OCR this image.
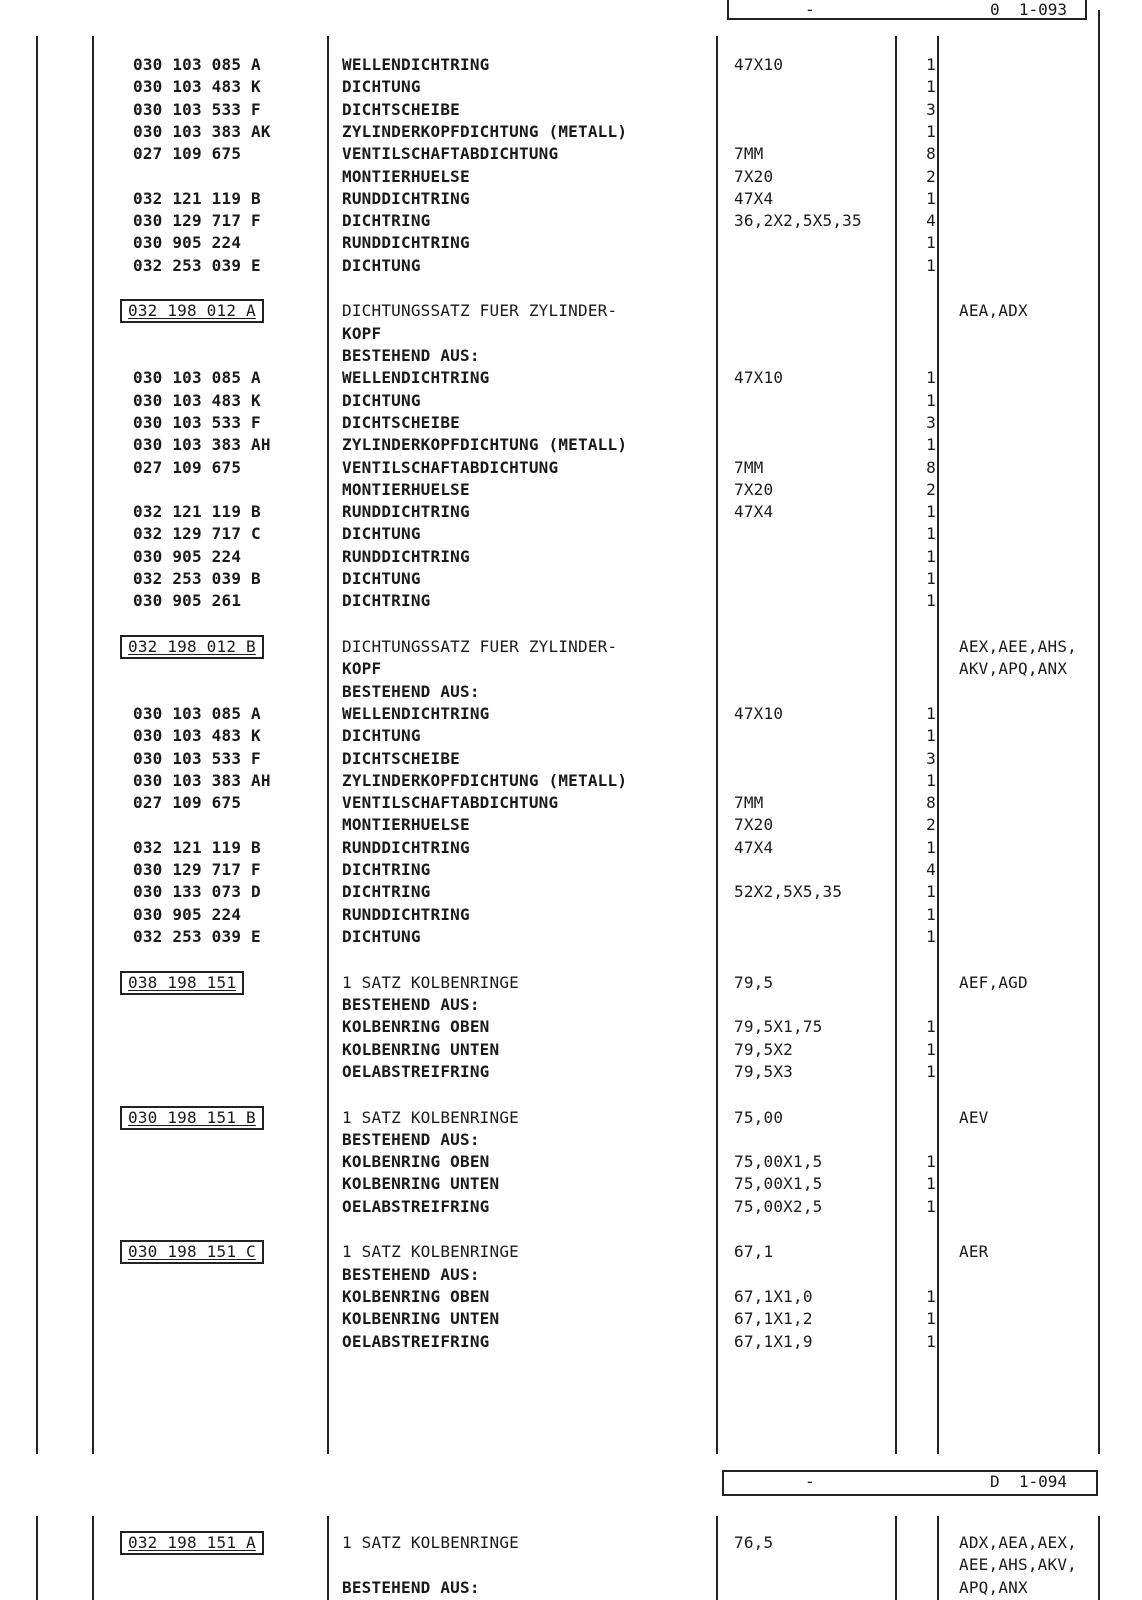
-	0  1-093
030 103 085 A	WELLENDICHTRING	47X10	1
030 103 483 K	DICHTUNG	1
030 103 533 F	DICHTSCHEIBE	3
030 103 383 AK	ZYLINDERKOPFDICHTUNG (METALL)	1
027 109 675	VENTILSCHAFTABDICHTUNG	7MM	8
MONTIERHUELSE	7X20	2
032 121 119 B	RUNDDICHTRING	47X4	1
030 129 717 F	DICHTRING	36,2X2,5X5,35	4
030 905 224	RUNDDICHTRING	1
032 253 039 E	DICHTUNG	1
032 198 012 A	DICHTUNGSSATZ FUER ZYLINDER-	AEA,ADX
KOPF
BESTEHEND AUS:
030 103 085 A	WELLENDICHTRING	47X10	1
030 103 483 K	DICHTUNG	1
030 103 533 F	DICHTSCHEIBE	3
030 103 383 AH	ZYLINDERKOPFDICHTUNG (METALL)	1
027 109 675	VENTILSCHAFTABDICHTUNG	7MM	8
MONTIERHUELSE	7X20	2
032 121 119 B	RUNDDICHTRING	47X4	1
032 129 717 C	DICHTUNG	1
030 905 224	RUNDDICHTRING	1
032 253 039 B	DICHTUNG	1
030 905 261	DICHTRING	1
032 198 012 B	DICHTUNGSSATZ FUER ZYLINDER-	AEX,AEE,AHS,
KOPF	AKV,APQ,ANX
BESTEHEND AUS:
030 103 085 A	WELLENDICHTRING	47X10	1
030 103 483 K	DICHTUNG	1
030 103 533 F	DICHTSCHEIBE	3
030 103 383 AH	ZYLINDERKOPFDICHTUNG (METALL)	1
027 109 675	VENTILSCHAFTABDICHTUNG	7MM	8
MONTIERHUELSE	7X20	2
032 121 119 B	RUNDDICHTRING	47X4	1
030 129 717 F	DICHTRING	4
030 133 073 D	DICHTRING	52X2,5X5,35	1
030 905 224	RUNDDICHTRING	1
032 253 039 E	DICHTUNG	1
038 198 151	1 SATZ KOLBENRINGE	79,5	AEF,AGD
BESTEHEND AUS:
KOLBENRING OBEN	79,5X1,75	1
KOLBENRING UNTEN	79,5X2	1
OELABSTREIFRING	79,5X3	1
030 198 151 B	1 SATZ KOLBENRINGE	75,00	AEV
BESTEHEND AUS:
KOLBENRING OBEN	75,00X1,5	1
KOLBENRING UNTEN	75,00X1,5	1
OELABSTREIFRING	75,00X2,5	1
030 198 151 C	1 SATZ KOLBENRINGE	67,1	AER
BESTEHEND AUS:
KOLBENRING OBEN	67,1X1,0	1
KOLBENRING UNTEN	67,1X1,2	1
OELABSTREIFRING	67,1X1,9	1
-	D  1-094
032 198 151 A	1 SATZ KOLBENRINGE	76,5	ADX,AEA,AEX,
AEE,AHS,AKV,
BESTEHEND AUS:	APQ,ANX
